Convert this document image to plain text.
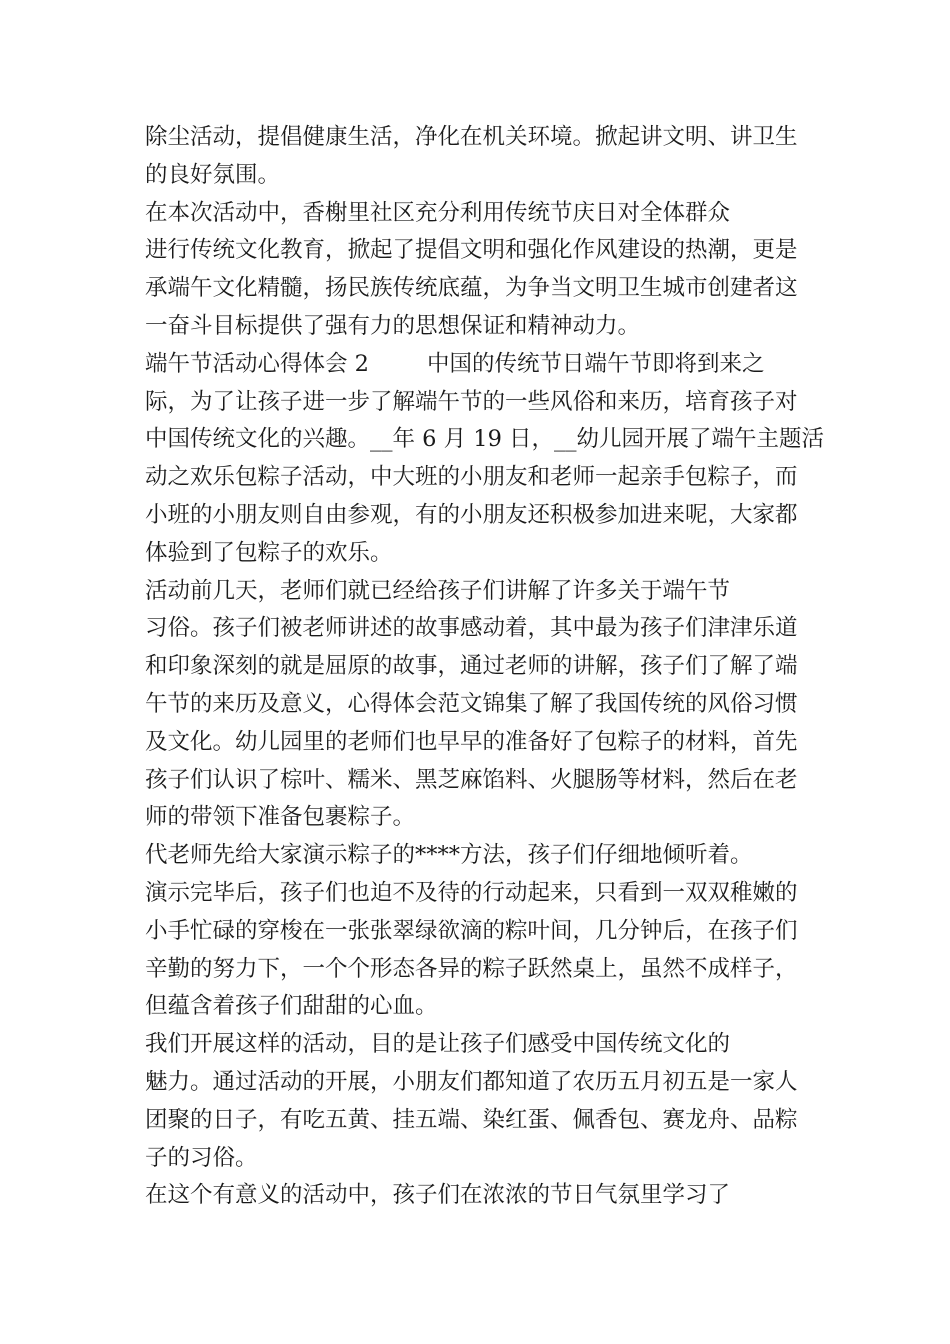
除尘活动，提倡健康生活，净化在机关环境。掀起讲文明、讲卫生

的良好氛围。

在本次活动中，香榭里社区充分利用传统节庆日对全体群众

进行传统文化教育，掀起了提倡文明和强化作风建设的热潮，更是

承端午文化精髓，扬民族传统底蕴，为争当文明卫生城市创建者这

一奋斗目标提供了强有力的思想保证和精神动力。

端午节活动心得体会 2	中国的传统节日端午节即将到来之

际，为了让孩子进一步了解端午节的一些风俗和来历，培育孩子对

中国传统文化的兴趣。__年 6 月 19 日，__幼儿园开展了端午主题活

动之欢乐包粽子活动，中大班的小朋友和老师一起亲手包粽子，而

小班的小朋友则自由参观，有的小朋友还积极参加进来呢，大家都

体验到了包粽子的欢乐。

活动前几天，老师们就已经给孩子们讲解了许多关于端午节

习俗。孩子们被老师讲述的故事感动着，其中最为孩子们津津乐道

和印象深刻的就是屈原的故事，通过老师的讲解，孩子们了解了端

午节的来历及意义，心得体会范文锦集了解了我国传统的风俗习惯

及文化。幼儿园里的老师们也早早的准备好了包粽子的材料，首先

孩子们认识了棕叶、糯米、黑芝麻馅料、火腿肠等材料，然后在老

师的带领下准备包裹粽子。

代老师先给大家演示粽子的****方法，孩子们仔细地倾听着。

演示完毕后，孩子们也迫不及待的行动起来，只看到一双双稚嫩的

小手忙碌的穿梭在一张张翠绿欲滴的粽叶间，几分钟后，在孩子们

辛勤的努力下，一个个形态各异的粽子跃然桌上，虽然不成样子，

但蕴含着孩子们甜甜的心血。

我们开展这样的活动，目的是让孩子们感受中国传统文化的

魅力。通过活动的开展，小朋友们都知道了农历五月初五是一家人

团聚的日子，有吃五黄、挂五端、染红蛋、佩香包、赛龙舟、品粽

子的习俗。

在这个有意义的活动中，孩子们在浓浓的节日气氛里学习了
